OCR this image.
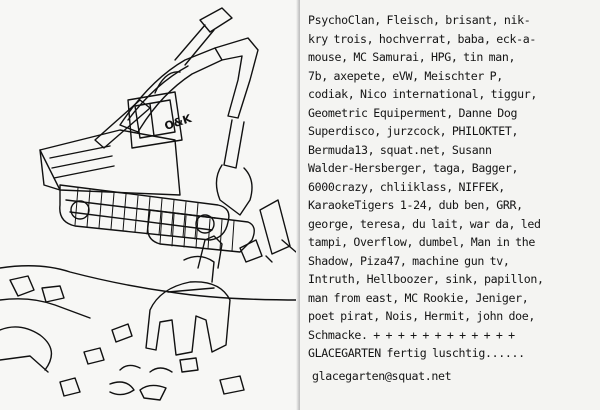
O&K
PsychoClan, Fleisch, brisant, nik-
kry trois, hochverrat, baba, eck-a-
mouse, MC Samurai, HPG, tin man,
7b, axepete, eVW, Meischter P,
codiak, Nico international, tiggur,
Geometric Equiperment, Danne Dog
Superdisco, jurzcock, PHILOKTET,
Bermuda13, squat.net, Susann
Walder-Hersberger, taga, Bagger,
6000crazy, chliiklass, NIFFEK,
KaraokeTigers 1-24, dub ben, GRR,
george, teresa, du lait, war da, led
tampi, Overflow, dumbel, Man in the
Shadow, Piza47, machine gun tv,
Intruth, Hellboozer, sink, papillon,
man from east, MC Rookie, Jeniger,
poet pirat, Nois, Hermit, john doe,
Schmacke. + + + + + + + + + + + +
GLACEGARTEN fertig luschtig......
glacegarten@squat.net
